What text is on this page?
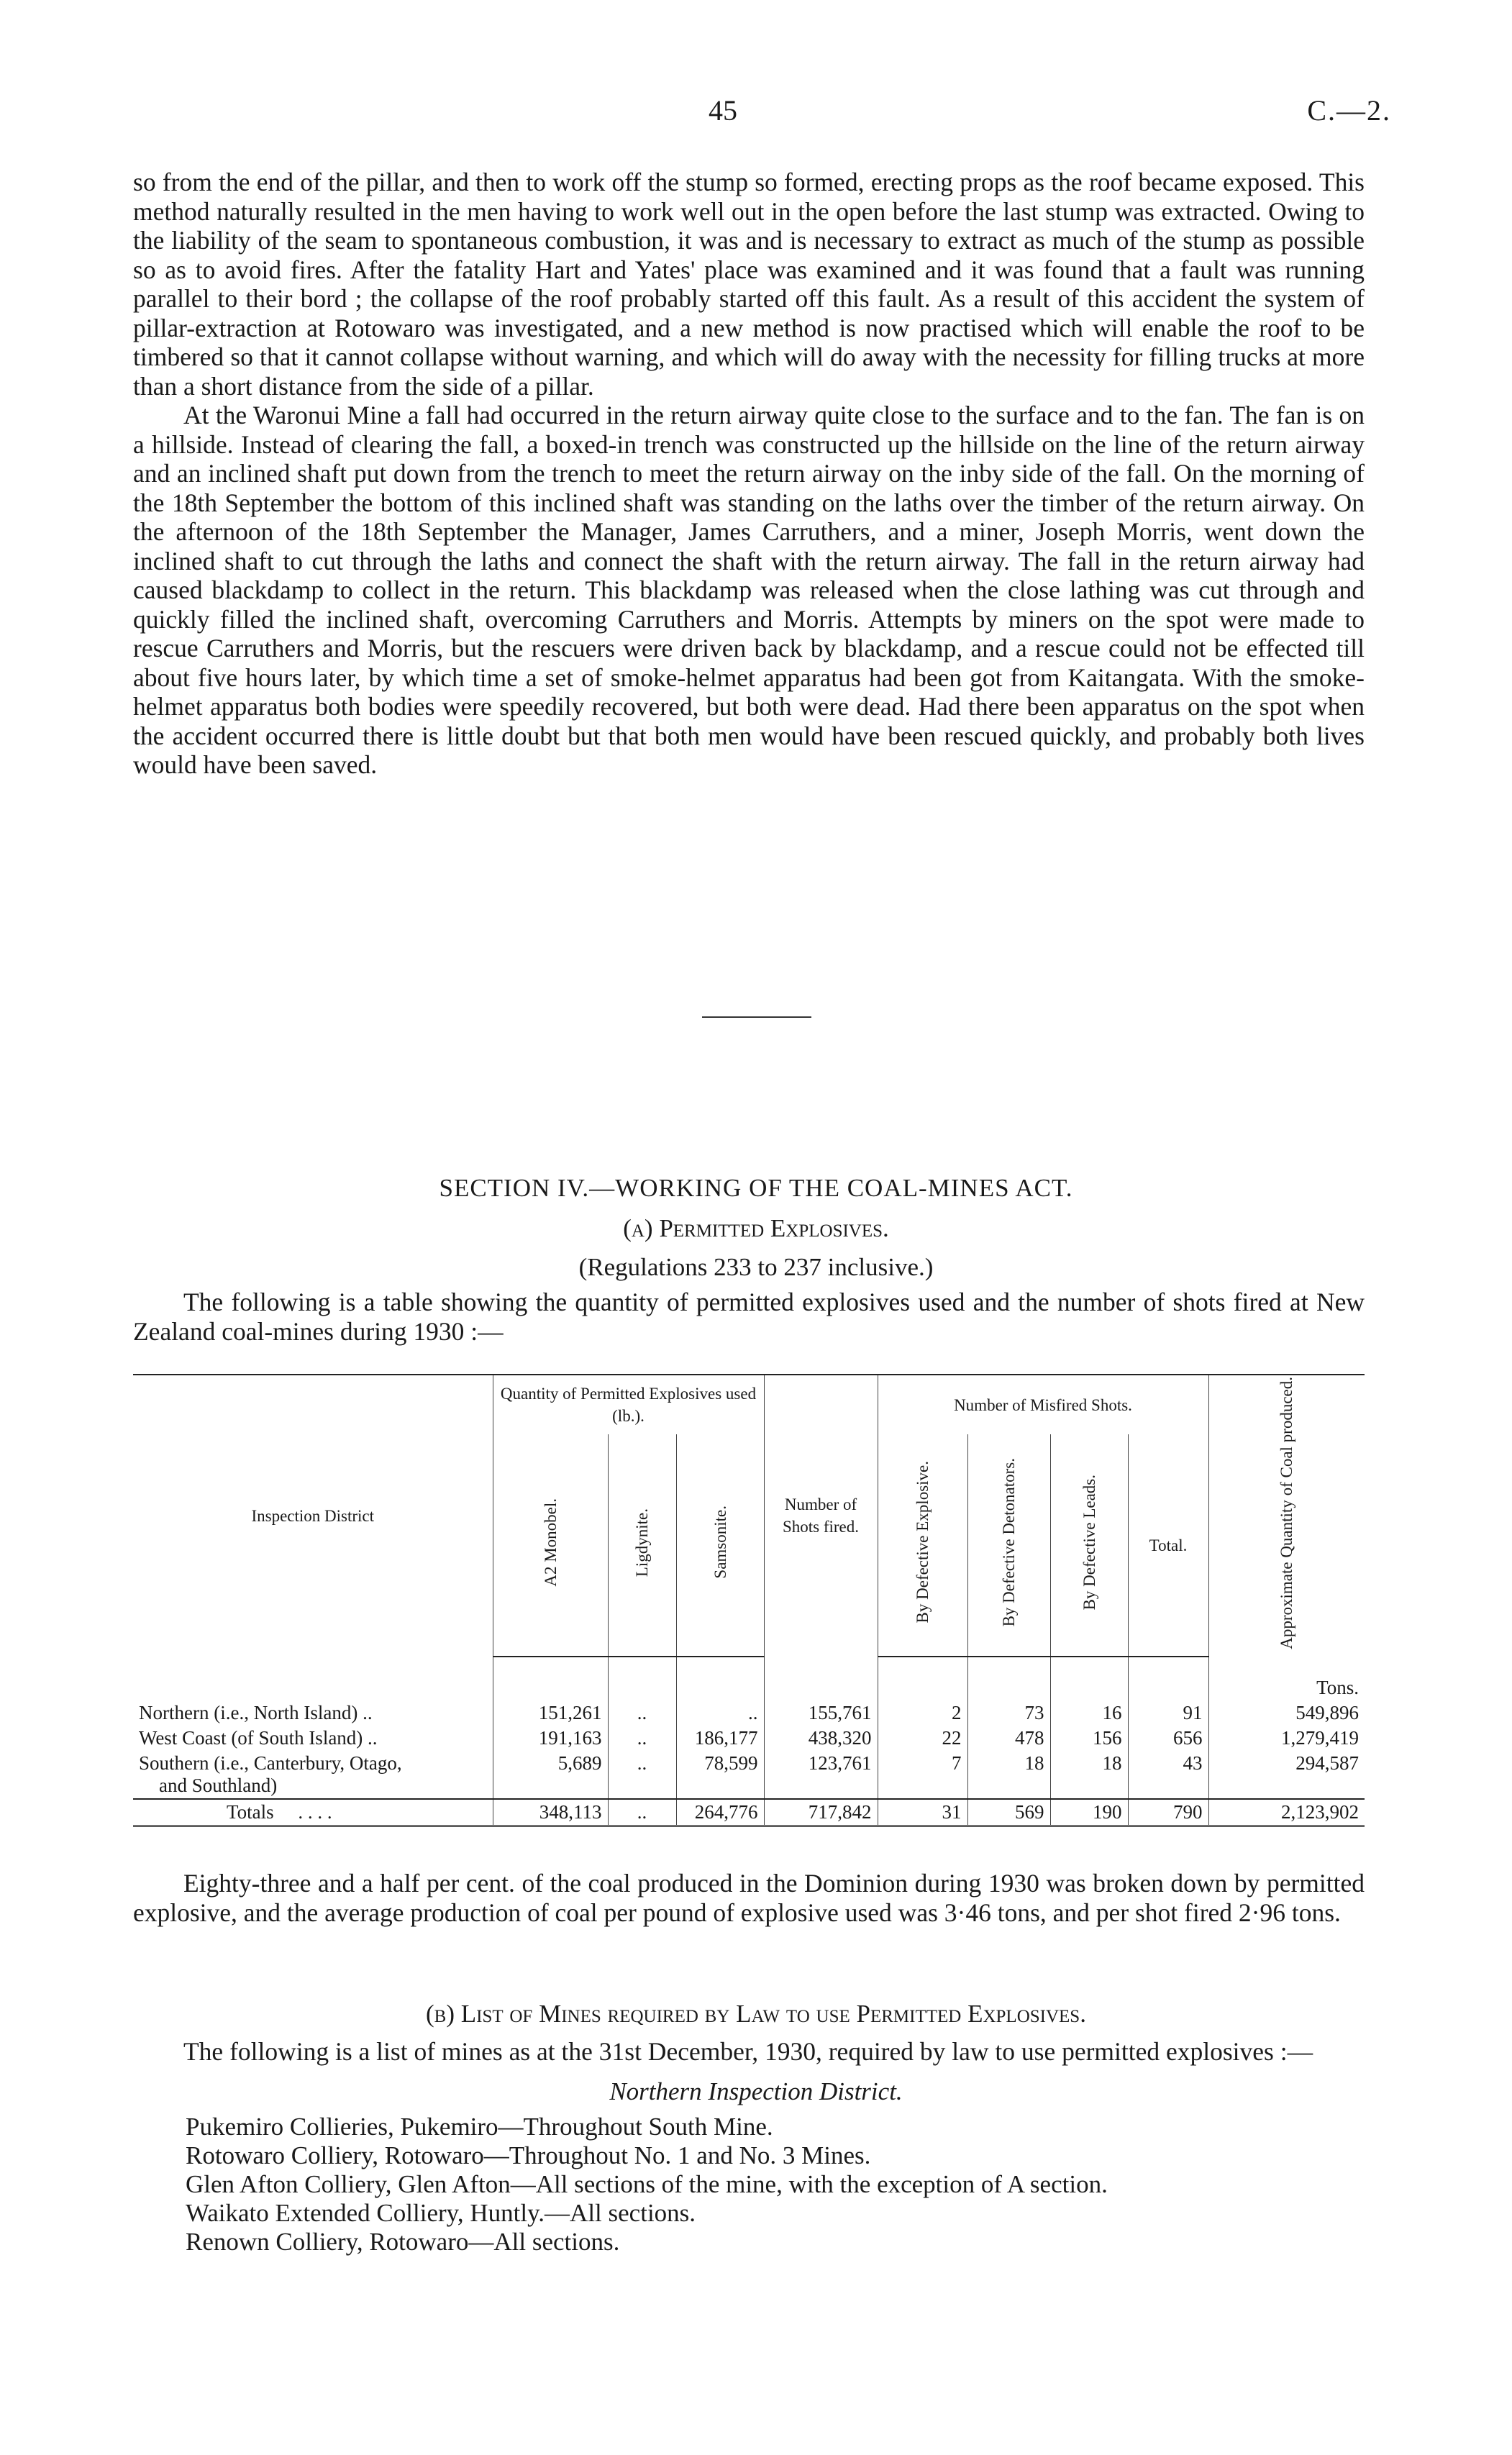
45	C.—2.

so from the end of the pillar, and then to work off the stump so formed, erecting props as the roof became exposed. This method naturally resulted in the men having to work well out in the open before the last stump was extracted. Owing to the liability of the seam to spontaneous combustion, it was and is necessary to extract as much of the stump as possible so as to avoid fires. After the fatality Hart and Yates' place was examined and it was found that a fault was running parallel to their bord ; the collapse of the roof probably started off this fault. As a result of this accident the system of pillar-extraction at Rotowaro was investigated, and a new method is now practised which will enable the roof to be timbered so that it cannot collapse without warning, and which will do away with the necessity for filling trucks at more than a short distance from the side of a pillar.

At the Waronui Mine a fall had occurred in the return airway quite close to the surface and to the fan. The fan is on a hillside. Instead of clearing the fall, a boxed-in trench was constructed up the hillside on the line of the return airway and an inclined shaft put down from the trench to meet the return airway on the inby side of the fall. On the morning of the 18th September the bottom of this inclined shaft was standing on the laths over the timber of the return airway. On the afternoon of the 18th September the Manager, James Carruthers, and a miner, Joseph Morris, went down the inclined shaft to cut through the laths and connect the shaft with the return airway. The fall in the return airway had caused blackdamp to collect in the return. This blackdamp was released when the close lathing was cut through and quickly filled the inclined shaft, overcoming Carruthers and Morris. Attempts by miners on the spot were made to rescue Carruthers and Morris, but the rescuers were driven back by blackdamp, and a rescue could not be effected till about five hours later, by which time a set of smoke-helmet apparatus had been got from Kaitangata. With the smoke-helmet apparatus both bodies were speedily recovered, but both were dead. Had there been apparatus on the spot when the accident occurred there is little doubt but that both men would have been rescued quickly, and probably both lives would have been saved.

SECTION IV.—WORKING OF THE COAL-MINES ACT.
(a) Permitted Explosives.
(Regulations 233 to 237 inclusive.)
The following is a table showing the quantity of permitted explosives used and the number of shots fired at New Zealand coal-mines during 1930 :—
Inspection District	Quantity of Permitted Explosives used (lb.).			Number of Shots fired.	Number of Misfired Shots.				Approximate Quantity of Coal produced.
	A2 Monobel.	Ligdynite.	Samsonite.		By Defective Explosive.	By Defective Detonators.	By Defective Leads.	Total.	
									Tons.
Northern (i.e., North Island) ..	151,261	..	..	155,761	2	73	16	91	549,896
West Coast (of South Island) ..	191,163	..	186,177	438,320	22	478	156	656	1,279,419
Southern (i.e., Canterbury, Otago,
and Southland)	5,689	..	78,599	123,761	7	18	18	43	294,587
Totals . . . .	348,113	..	264,776	717,842	31	569	190	790	2,123,902
Eighty-three and a half per cent. of the coal produced in the Dominion during 1930 was broken down by permitted explosive, and the average production of coal per pound of explosive used was 3·46 tons, and per shot fired 2·96 tons.
(b) List of Mines required by Law to use Permitted Explosives.
The following is a list of mines as at the 31st December, 1930, required by law to use permitted explosives :—
Northern Inspection District.
Pukemiro Collieries, Pukemiro—Throughout South Mine.
Rotowaro Colliery, Rotowaro—Throughout No. 1 and No. 3 Mines.
Glen Afton Colliery, Glen Afton—All sections of the mine, with the exception of A section.
Waikato Extended Colliery, Huntly.—All sections.
Renown Colliery, Rotowaro—All sections.
